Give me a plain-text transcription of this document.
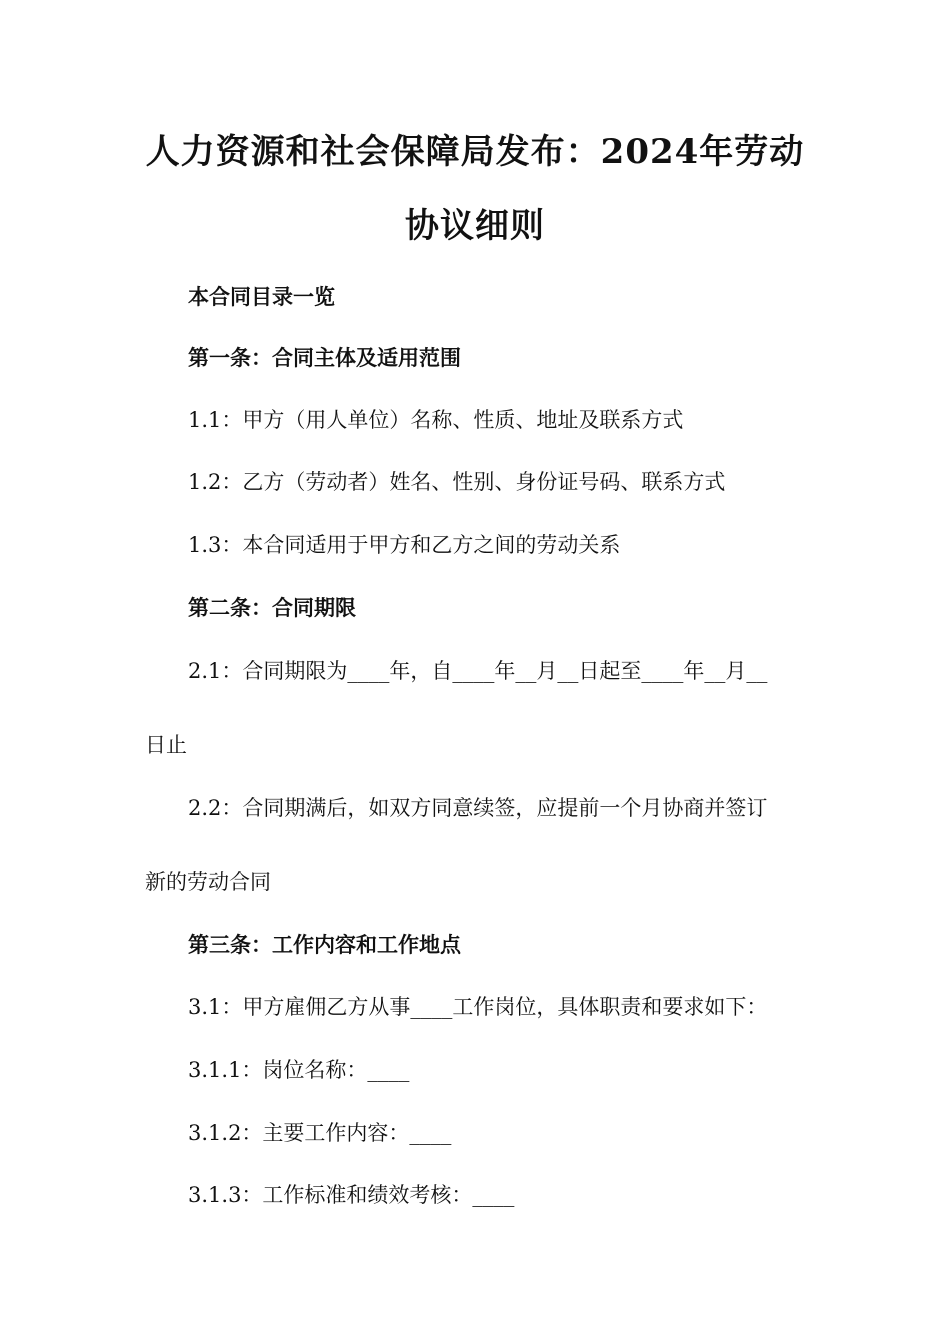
人力资源和社会保障局发布：2024年劳动
协议细则
本合同目录一览
第一条：合同主体及适用范围
1.1：甲方（用人单位）名称、性质、地址及联系方式
1.2：乙方（劳动者）姓名、性别、身份证号码、联系方式
1.3：本合同适用于甲方和乙方之间的劳动关系
第二条：合同期限
2.1：合同期限为____年，自____年__月__日起至____年__月__
日止
2.2：合同期满后，如双方同意续签，应提前一个月协商并签订
新的劳动合同
第三条：工作内容和工作地点
3.1：甲方雇佣乙方从事____工作岗位，具体职责和要求如下：
3.1.1：岗位名称：____
3.1.2：主要工作内容：____
3.1.3：工作标准和绩效考核：____
